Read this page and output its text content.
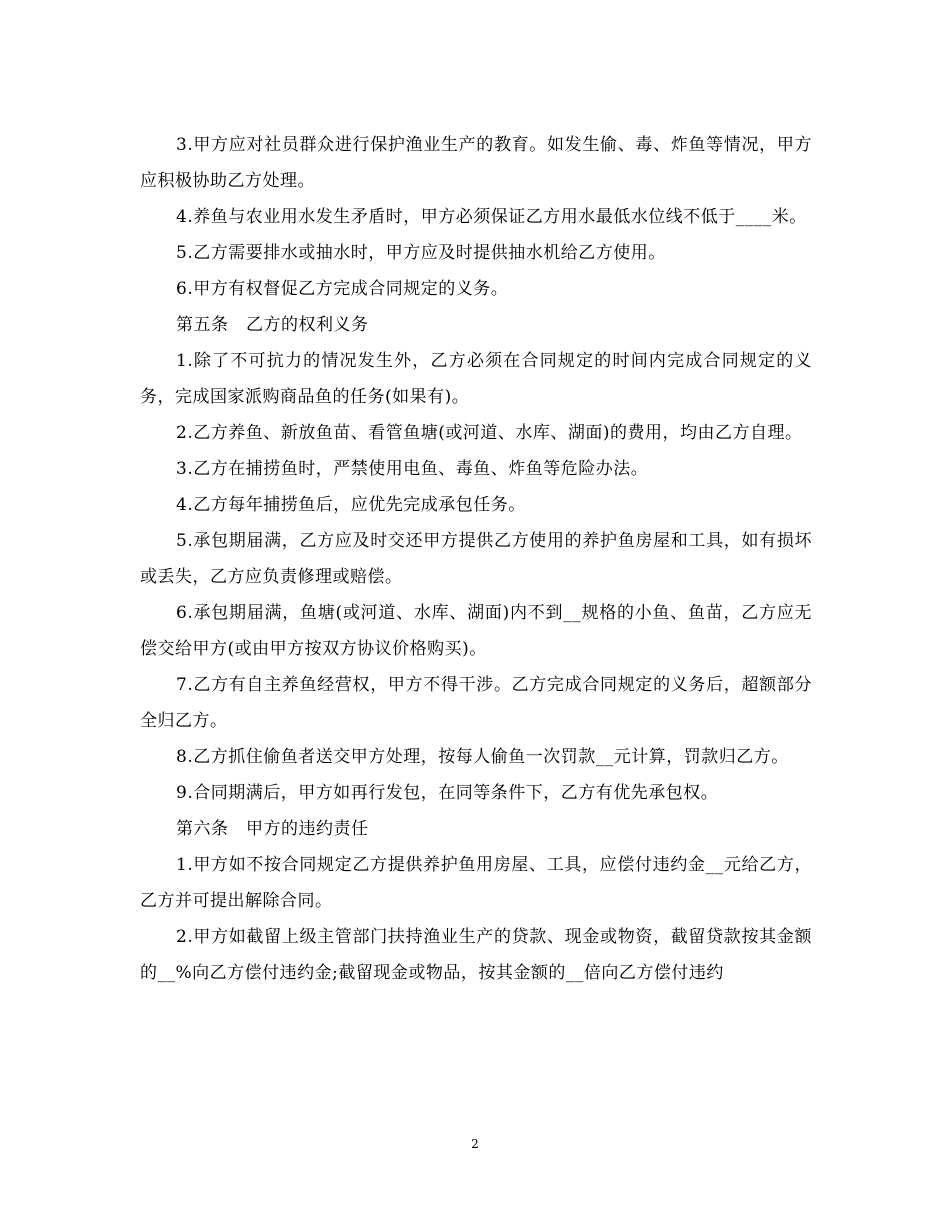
3.甲方应对社员群众进行保护渔业生产的教育。如发生偷、毒、炸鱼等情况，甲方应积极协助乙方处理。

4.养鱼与农业用水发生矛盾时，甲方必须保证乙方用水最低水位线不低于____米。

5.乙方需要排水或抽水时，甲方应及时提供抽水机给乙方使用。

6.甲方有权督促乙方完成合同规定的义务。

第五条　乙方的权利义务

1.除了不可抗力的情况发生外，乙方必须在合同规定的时间内完成合同规定的义务，完成国家派购商品鱼的任务(如果有)。

2.乙方养鱼、新放鱼苗、看管鱼塘(或河道、水库、湖面)的费用，均由乙方自理。

3.乙方在捕捞鱼时，严禁使用电鱼、毒鱼、炸鱼等危险办法。

4.乙方每年捕捞鱼后，应优先完成承包任务。

5.承包期届满，乙方应及时交还甲方提供乙方使用的养护鱼房屋和工具，如有损坏或丢失，乙方应负责修理或赔偿。

6.承包期届满，鱼塘(或河道、水库、湖面)内不到__规格的小鱼、鱼苗，乙方应无偿交给甲方(或由甲方按双方协议价格购买)。

7.乙方有自主养鱼经营权，甲方不得干涉。乙方完成合同规定的义务后，超额部分全归乙方。

8.乙方抓住偷鱼者送交甲方处理，按每人偷鱼一次罚款__元计算，罚款归乙方。

9.合同期满后，甲方如再行发包，在同等条件下，乙方有优先承包权。

第六条　甲方的违约责任

1.甲方如不按合同规定乙方提供养护鱼用房屋、工具，应偿付违约金__元给乙方，乙方并可提出解除合同。

2.甲方如截留上级主管部门扶持渔业生产的贷款、现金或物资，截留贷款按其金额的__%向乙方偿付违约金;截留现金或物品，按其金额的__倍向乙方偿付违约

2
